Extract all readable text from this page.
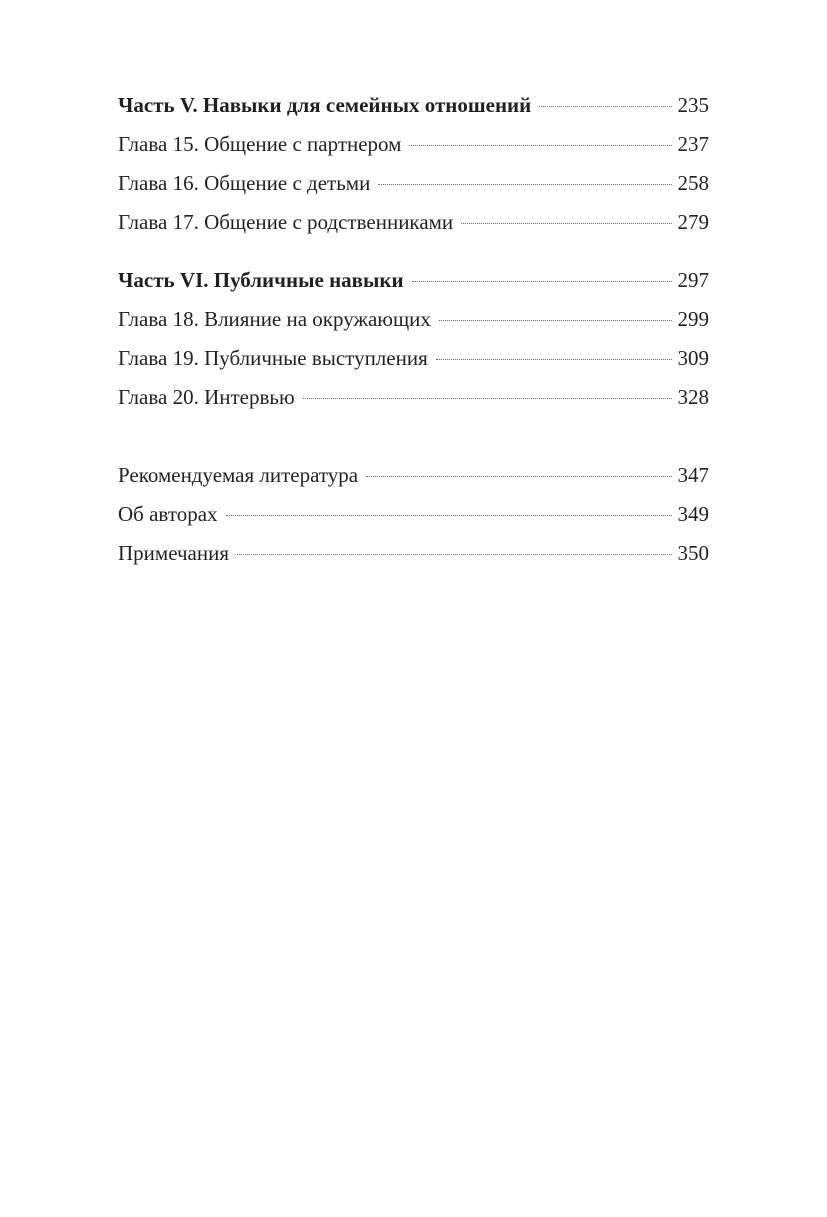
Часть V. Навыки для семейных отношений	235
Глава 15. Общение с партнером	237
Глава 16. Общение с детьми	258
Глава 17. Общение с родственниками	279
Часть VI. Публичные навыки	297
Глава 18. Влияние на окружающих	299
Глава 19. Публичные выступления	309
Глава 20. Интервью	328
Рекомендуемая литература	347
Об авторах	349
Примечания	350
